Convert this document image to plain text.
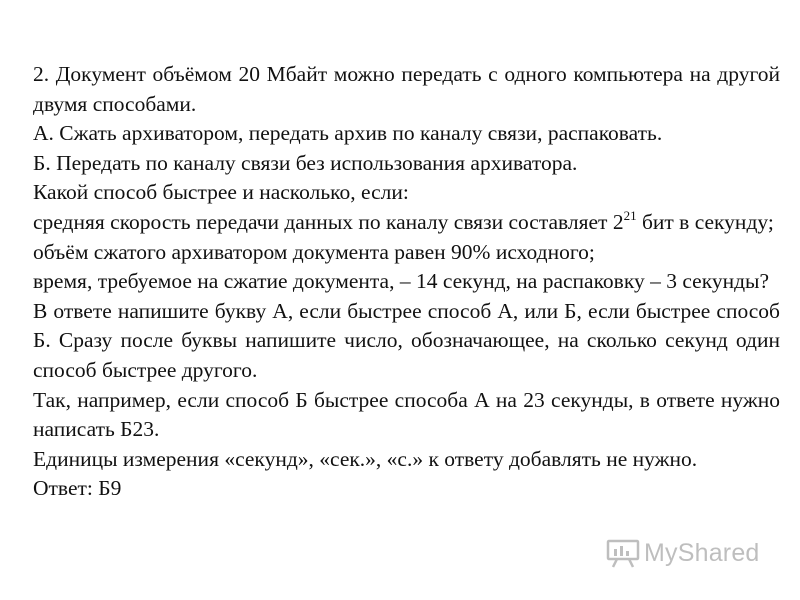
2. Документ объёмом 20 Мбайт можно передать с одного компьютера на другой двумя способами.

А. Сжать архиватором, передать архив по каналу связи, распаковать.

Б. Передать по каналу связи без использования архиватора.

Какой способ быстрее и насколько, если:

средняя скорость передачи данных по каналу связи составляет $2^{21}$ бит в секунду;

объём сжатого архиватором документа равен 90% исходного;

время, требуемое на сжатие документа, – 14 секунд, на распаковку – 3 секунды?

В ответе напишите букву А, если быстрее способ А, или Б, если быстрее способ Б. Сразу после буквы напишите число, обозначающее, на сколько секунд один способ быстрее другого.

Так, например, если способ Б быстрее способа А на 23 секунды, в ответе нужно написать Б23.

Единицы измерения «секунд», «сек.», «с.» к ответу добавлять не нужно.

Ответ: Б9

MyShared
